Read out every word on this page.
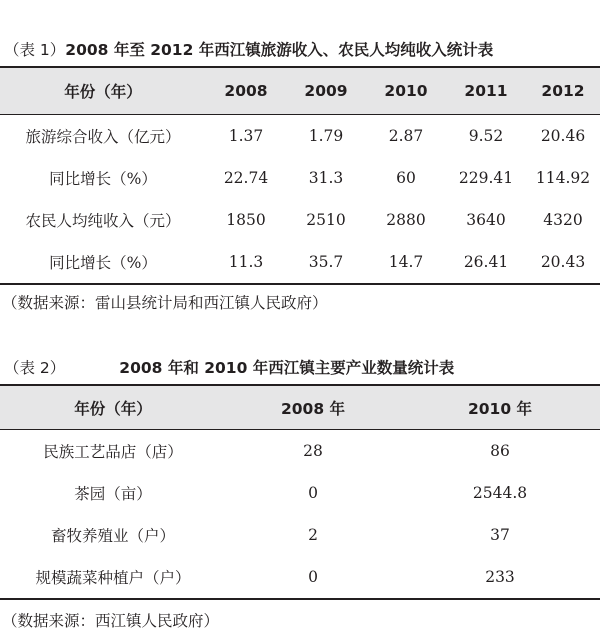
（表 1）2008 年至 2012 年西江镇旅游收入、农民人均纯收入统计表
年份（年）	2008	2009	2010	2011	2012
旅游综合收入（亿元）	1.37	1.79	2.87	9.52	20.46
同比增长（%）	22.74	31.3	60	229.41	114.92
农民人均纯收入（元）	1850	2510	2880	3640	4320
同比增长（%）	11.3	35.7	14.7	26.41	20.43
（数据来源：雷山县统计局和西江镇人民政府）
（表 2）	2008 年和 2010 年西江镇主要产业数量统计表
年份（年）	2008 年	2010 年
民族工艺品店（店）	28	86
茶园（亩）	0	2544.8
畜牧养殖业（户）	2	37
规模蔬菜种植户（户）	0	233
（数据来源：西江镇人民政府）
